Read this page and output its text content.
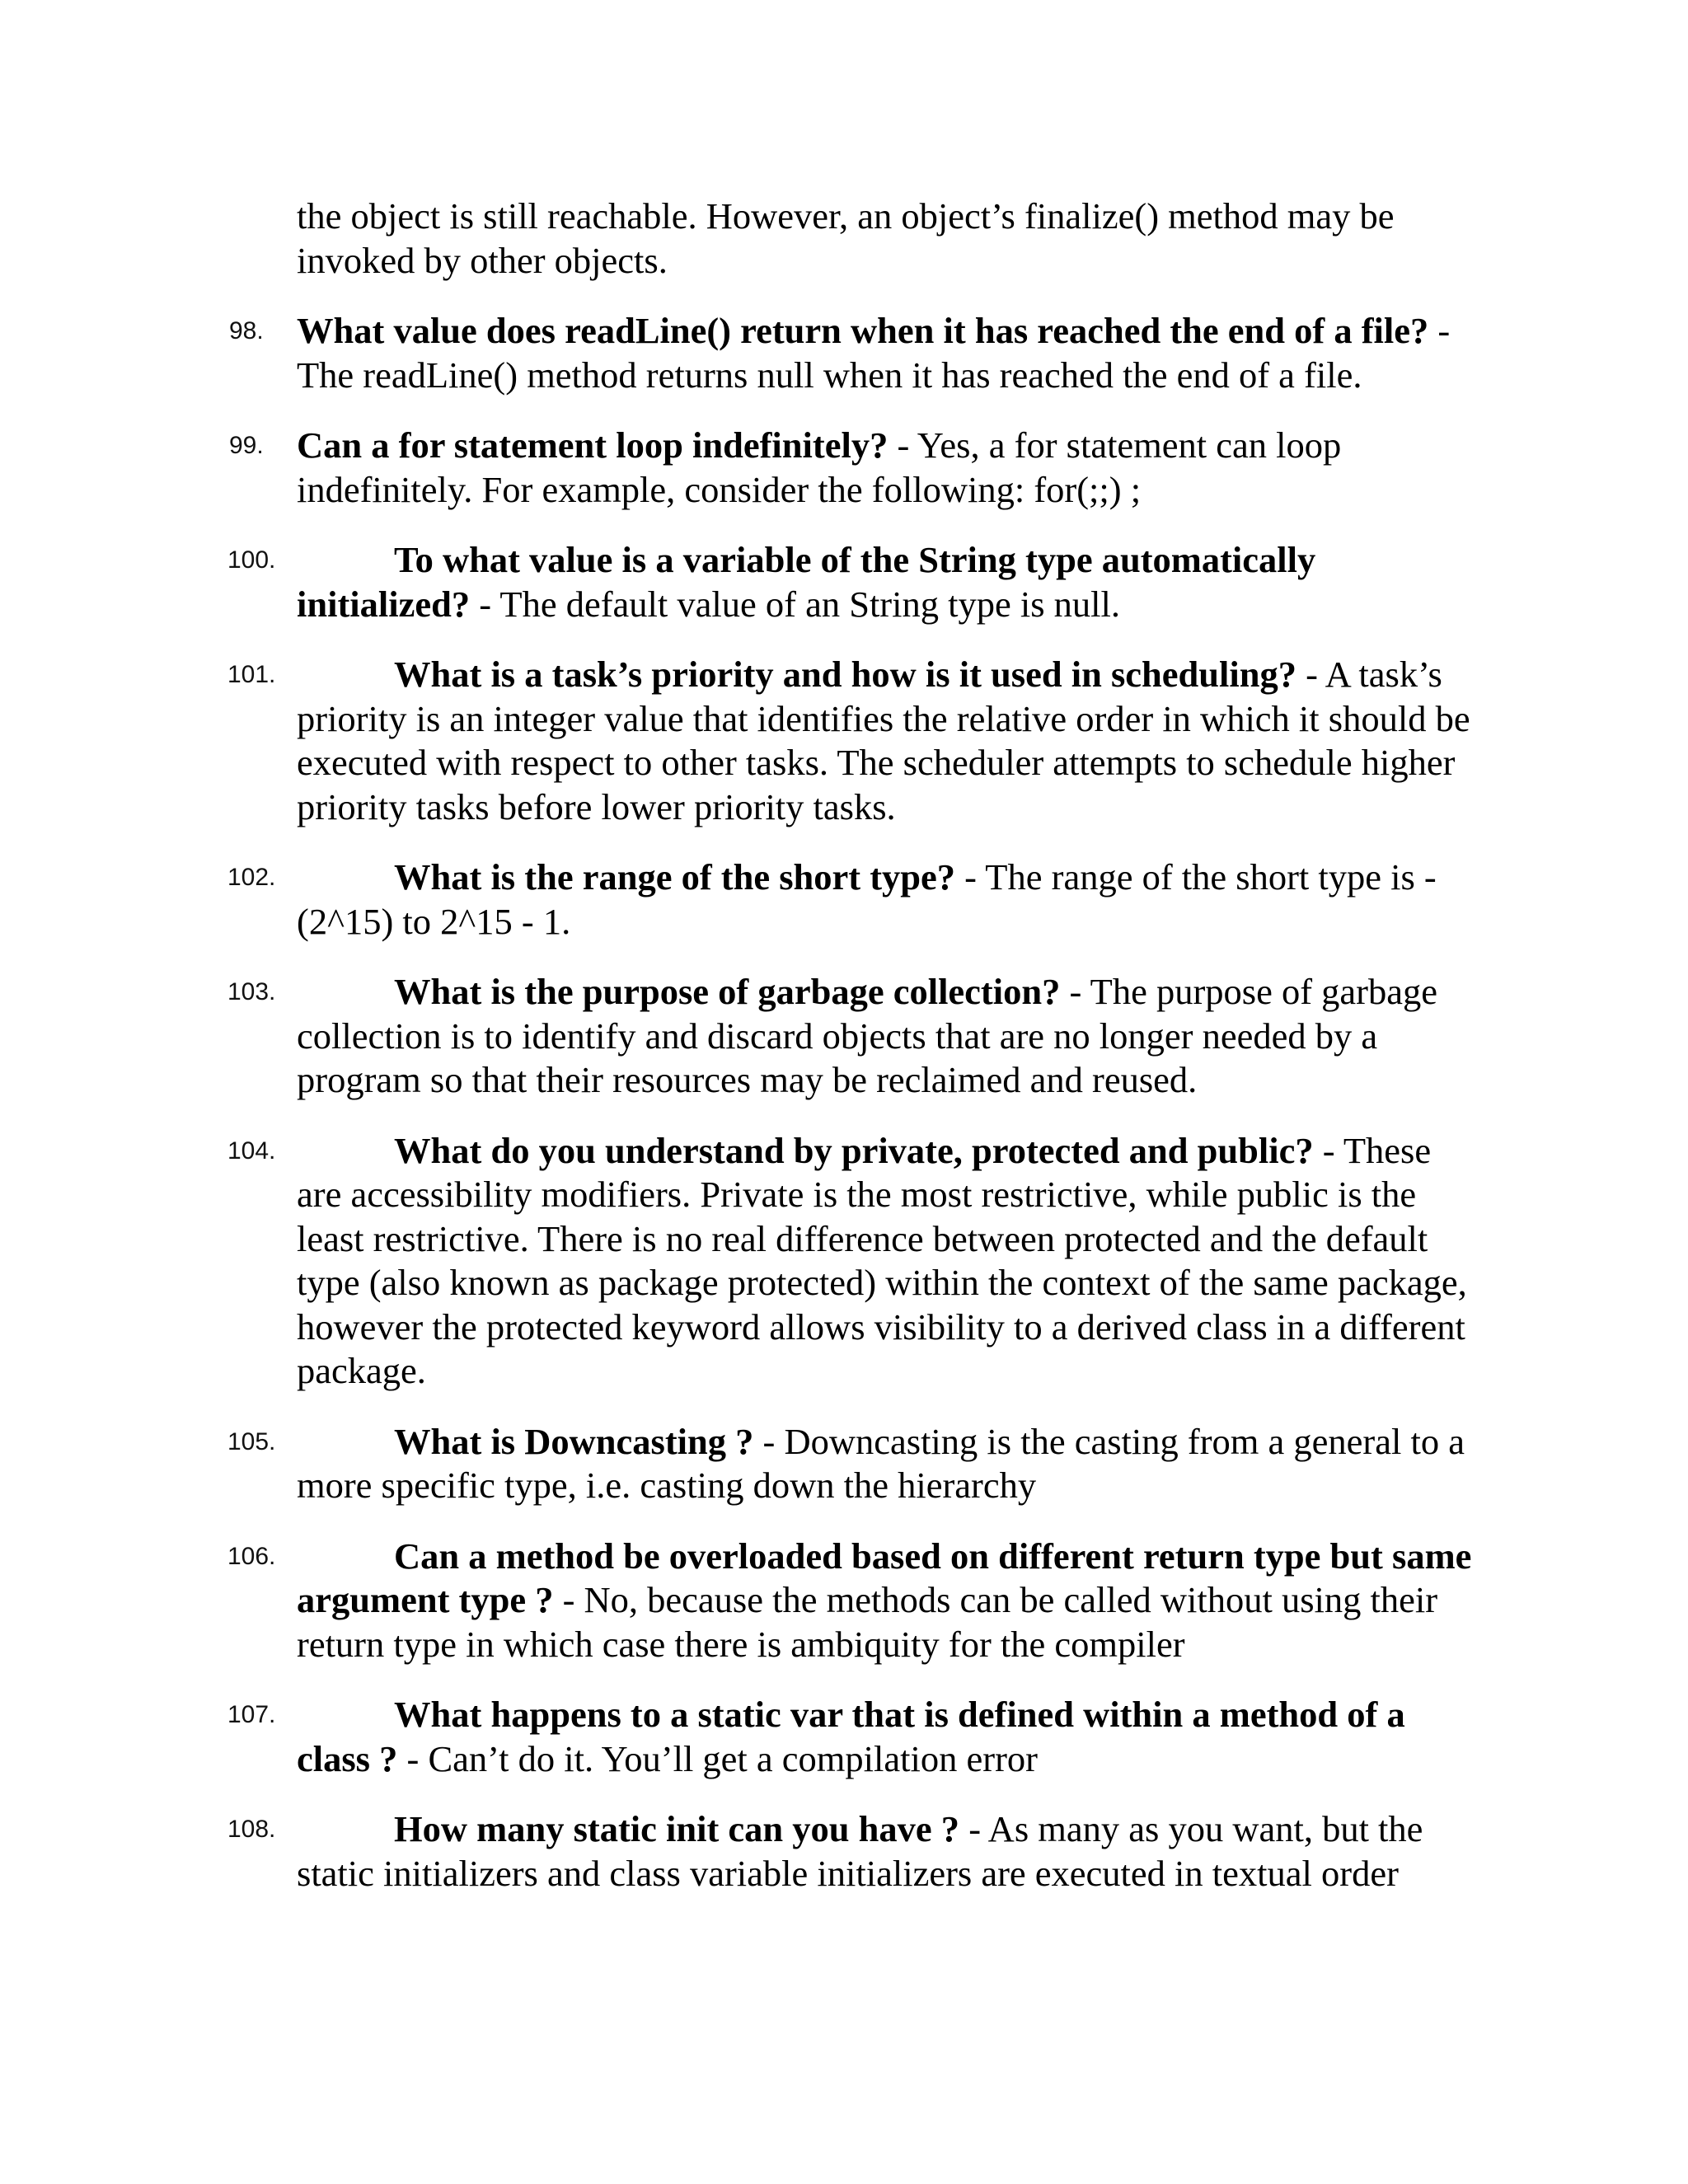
the object is still reachable. However, an object’s finalize() method may be invoked by other objects.

98. What value does readLine() return when it has reached the end of a file? - The readLine() method returns null when it has reached the end of a file.
99. Can a for statement loop indefinitely? - Yes, a for statement can loop indefinitely. For example, consider the following: for(;;) ;
100.	To what value is a variable of the String type automatically initialized? - The default value of an String type is null.
101.	What is a task’s priority and how is it used in scheduling? - A task’s priority is an integer value that identifies the relative order in which it should be executed with respect to other tasks. The scheduler attempts to schedule higher priority tasks before lower priority tasks.
102.	What is the range of the short type? - The range of the short type is -(2^15) to 2^15 - 1.
103.	What is the purpose of garbage collection? - The purpose of garbage collection is to identify and discard objects that are no longer needed by a program so that their resources may be reclaimed and reused.
104.	What do you understand by private, protected and public? - These are accessibility modifiers. Private is the most restrictive, while public is the least restrictive. There is no real difference between protected and the default type (also known as package protected) within the context of the same package, however the protected keyword allows visibility to a derived class in a different package.
105.	What is Downcasting ? - Downcasting is the casting from a general to a more specific type, i.e. casting down the hierarchy
106.	Can a method be overloaded based on different return type but same argument type ? - No, because the methods can be called without using their return type in which case there is ambiquity for the compiler
107.	What happens to a static var that is defined within a method of a class ? - Can’t do it. You’ll get a compilation error
108.	How many static init can you have ? - As many as you want, but the static initializers and class variable initializers are executed in textual order
